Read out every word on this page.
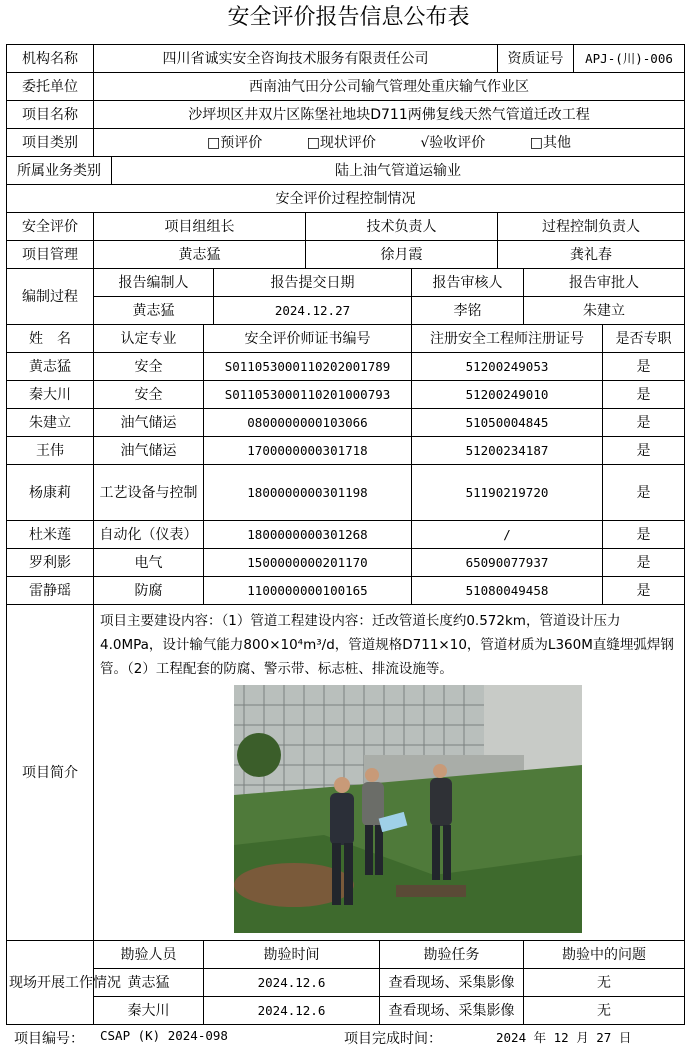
安全评价报告信息公布表
机构名称	四川省诚实安全咨询技术服务有限责任公司							资质证号		APJ-(川)-006	
委托单位	西南油气田分公司输气管理处重庆输气作业区										
项目名称	沙坪坝区井双片区陈堡社地块D711两佛复线天然气管道迁改工程										
项目类别	□预评价 □现状评价 √验收评价 □其他										
所属业务类别		陆上油气管道运输业									
安全评价过程控制情况											
安全评价	项目组组长				技术负责人			过程控制负责人			
项目管理	黄志猛				徐月霞			龚礼春			
编制过程	报告编制人			报告提交日期			报告审核人		报告审批人		
	黄志猛			2024.12.27			李铭		朱建立		
姓　名	认定专业		安全评价师证书编号				注册安全工程师注册证号				是否专职
黄志猛	安全		S011053000110202001789				51200249053				是
秦大川	安全		S011053000110201000793				51200249010				是
朱建立	油气储运		0800000000103066				51050004845				是
王伟	油气储运		1700000000301718				51200234187				是
杨康莉	工艺设备与控制		1800000000301198				51190219720				是
杜米莲	自动化（仪表）		1800000000301268				/				是
罗利影	电气		1500000000201170				65090077937				是
雷静瑶	防腐		1100000000100165				51080049458				是
项目简介	项目主要建设内容：（1）管道工程建设内容：迁改管道长度约0.572km，管道设计压力4.0MPa，设计输气能力800×10⁴m³/d，管道规格D711×10，管道材质为L360M直缝埋弧焊钢管。（2）工程配套的防腐、警示带、标志桩、排流设施等。										

现场开展工作情况	勘验人员		勘验时间			勘验任务			勘验中的问题		
	黄志猛		2024.12.6			查看现场、采集影像			无		
	秦大川		2024.12.6			查看现场、采集影像			无		
项目编号： CSAP (K) 2024-098	项目完成时间：	2024 年 12 月 27 日
